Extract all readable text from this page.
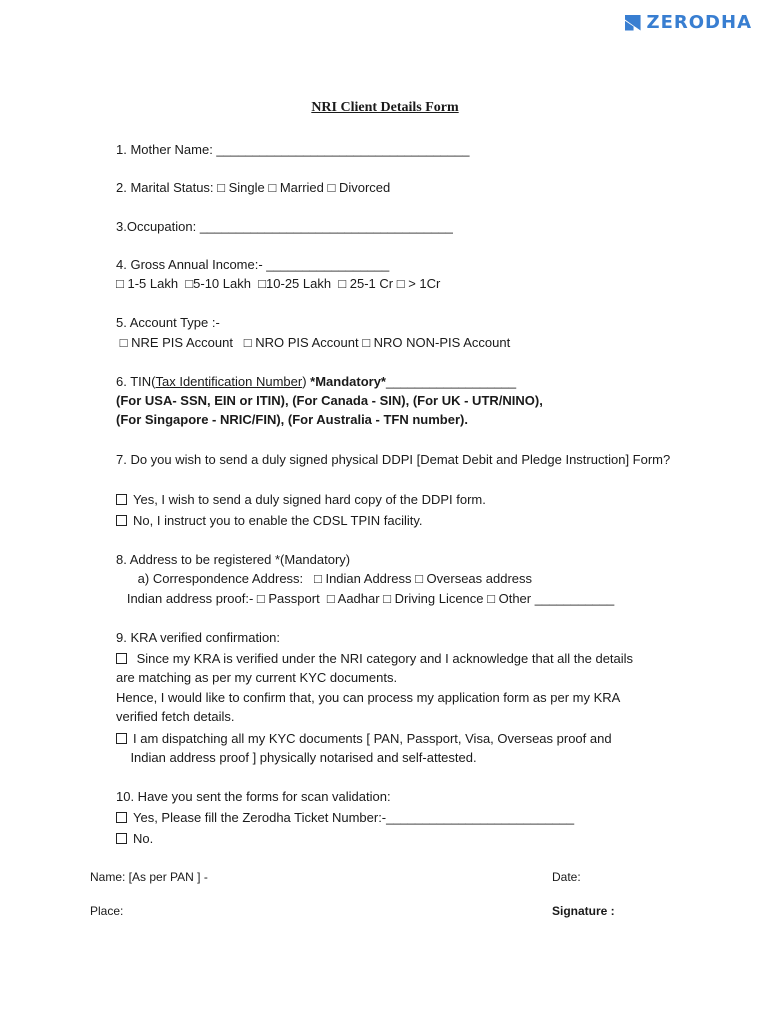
ZERODHA
NRI Client Details Form
1. Mother Name: ___________________________________
2. Marital Status: □ Single □ Married □ Divorced
3.Occupation: ___________________________________
4. Gross Annual Income:- _________________
□ 1-5 Lakh  □5-10 Lakh  □10-25 Lakh  □ 25-1 Cr □ > 1Cr
5. Account Type :-
□ NRE PIS Account   □ NRO PIS Account □ NRO NON-PIS Account
6. TIN(Tax Identification Number) *Mandatory*__________________
(For USA- SSN, EIN or ITIN), (For Canada - SIN), (For UK - UTR/NINO),
(For Singapore - NRIC/FIN), (For Australia - TFN number).
7. Do you wish to send a duly signed physical DDPI [Demat Debit and Pledge Instruction] Form?
Yes, I wish to send a duly signed hard copy of the DDPI form.
No, I instruct you to enable the CDSL TPIN facility.
8. Address to be registered *(Mandatory)
a) Correspondence Address:   □ Indian Address □ Overseas address
Indian address proof:- □ Passport  □ Aadhar □ Driving Licence □ Other ___________
9. KRA verified confirmation:
Since my KRA is verified under the NRI category and I acknowledge that all the details
are matching as per my current KYC documents.
Hence, I would like to confirm that, you can process my application form as per my KRA
verified fetch details.
I am dispatching all my KYC documents [ PAN, Passport, Visa, Overseas proof and
Indian address proof ] physically notarised and self-attested.
10. Have you sent the forms for scan validation:
Yes, Please fill the Zerodha Ticket Number:-__________________________
No.
Name: [As per PAN ] -	Date:
Place:	Signature :
